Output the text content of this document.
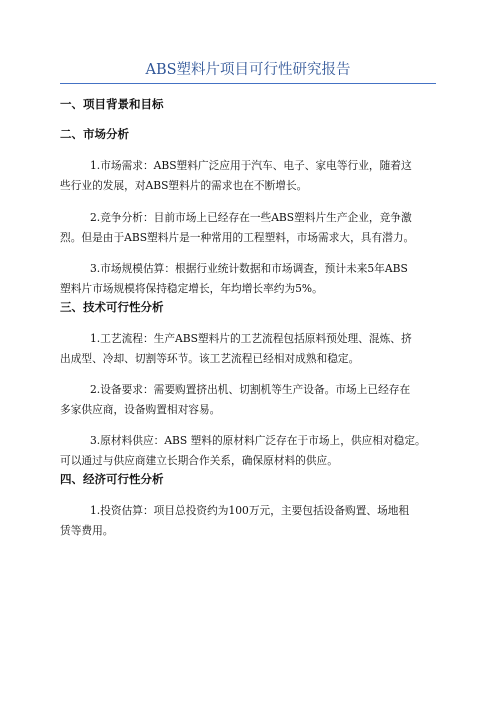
ABS塑料片项目可行性研究报告
一、项目背景和目标
二、市场分析
1.市场需求：ABS塑料广泛应用于汽车、电子、家电等行业，随着这
些行业的发展，对ABS塑料片的需求也在不断增长。
2.竞争分析：目前市场上已经存在一些ABS塑料片生产企业，竞争激
烈。但是由于ABS塑料片是一种常用的工程塑料，市场需求大，具有潜力。
3.市场规模估算：根据行业统计数据和市场调查，预计未来5年ABS
塑料片市场规模将保持稳定增长，年均增长率约为5%。
三、技术可行性分析
1.工艺流程：生产ABS塑料片的工艺流程包括原料预处理、混炼、挤
出成型、冷却、切割等环节。该工艺流程已经相对成熟和稳定。
2.设备要求：需要购置挤出机、切割机等生产设备。市场上已经存在
多家供应商，设备购置相对容易。
3.原材料供应：ABS 塑料的原材料广泛存在于市场上，供应相对稳定。
可以通过与供应商建立长期合作关系，确保原材料的供应。
四、经济可行性分析
1.投资估算：项目总投资约为100万元，主要包括设备购置、场地租
赁等费用。
